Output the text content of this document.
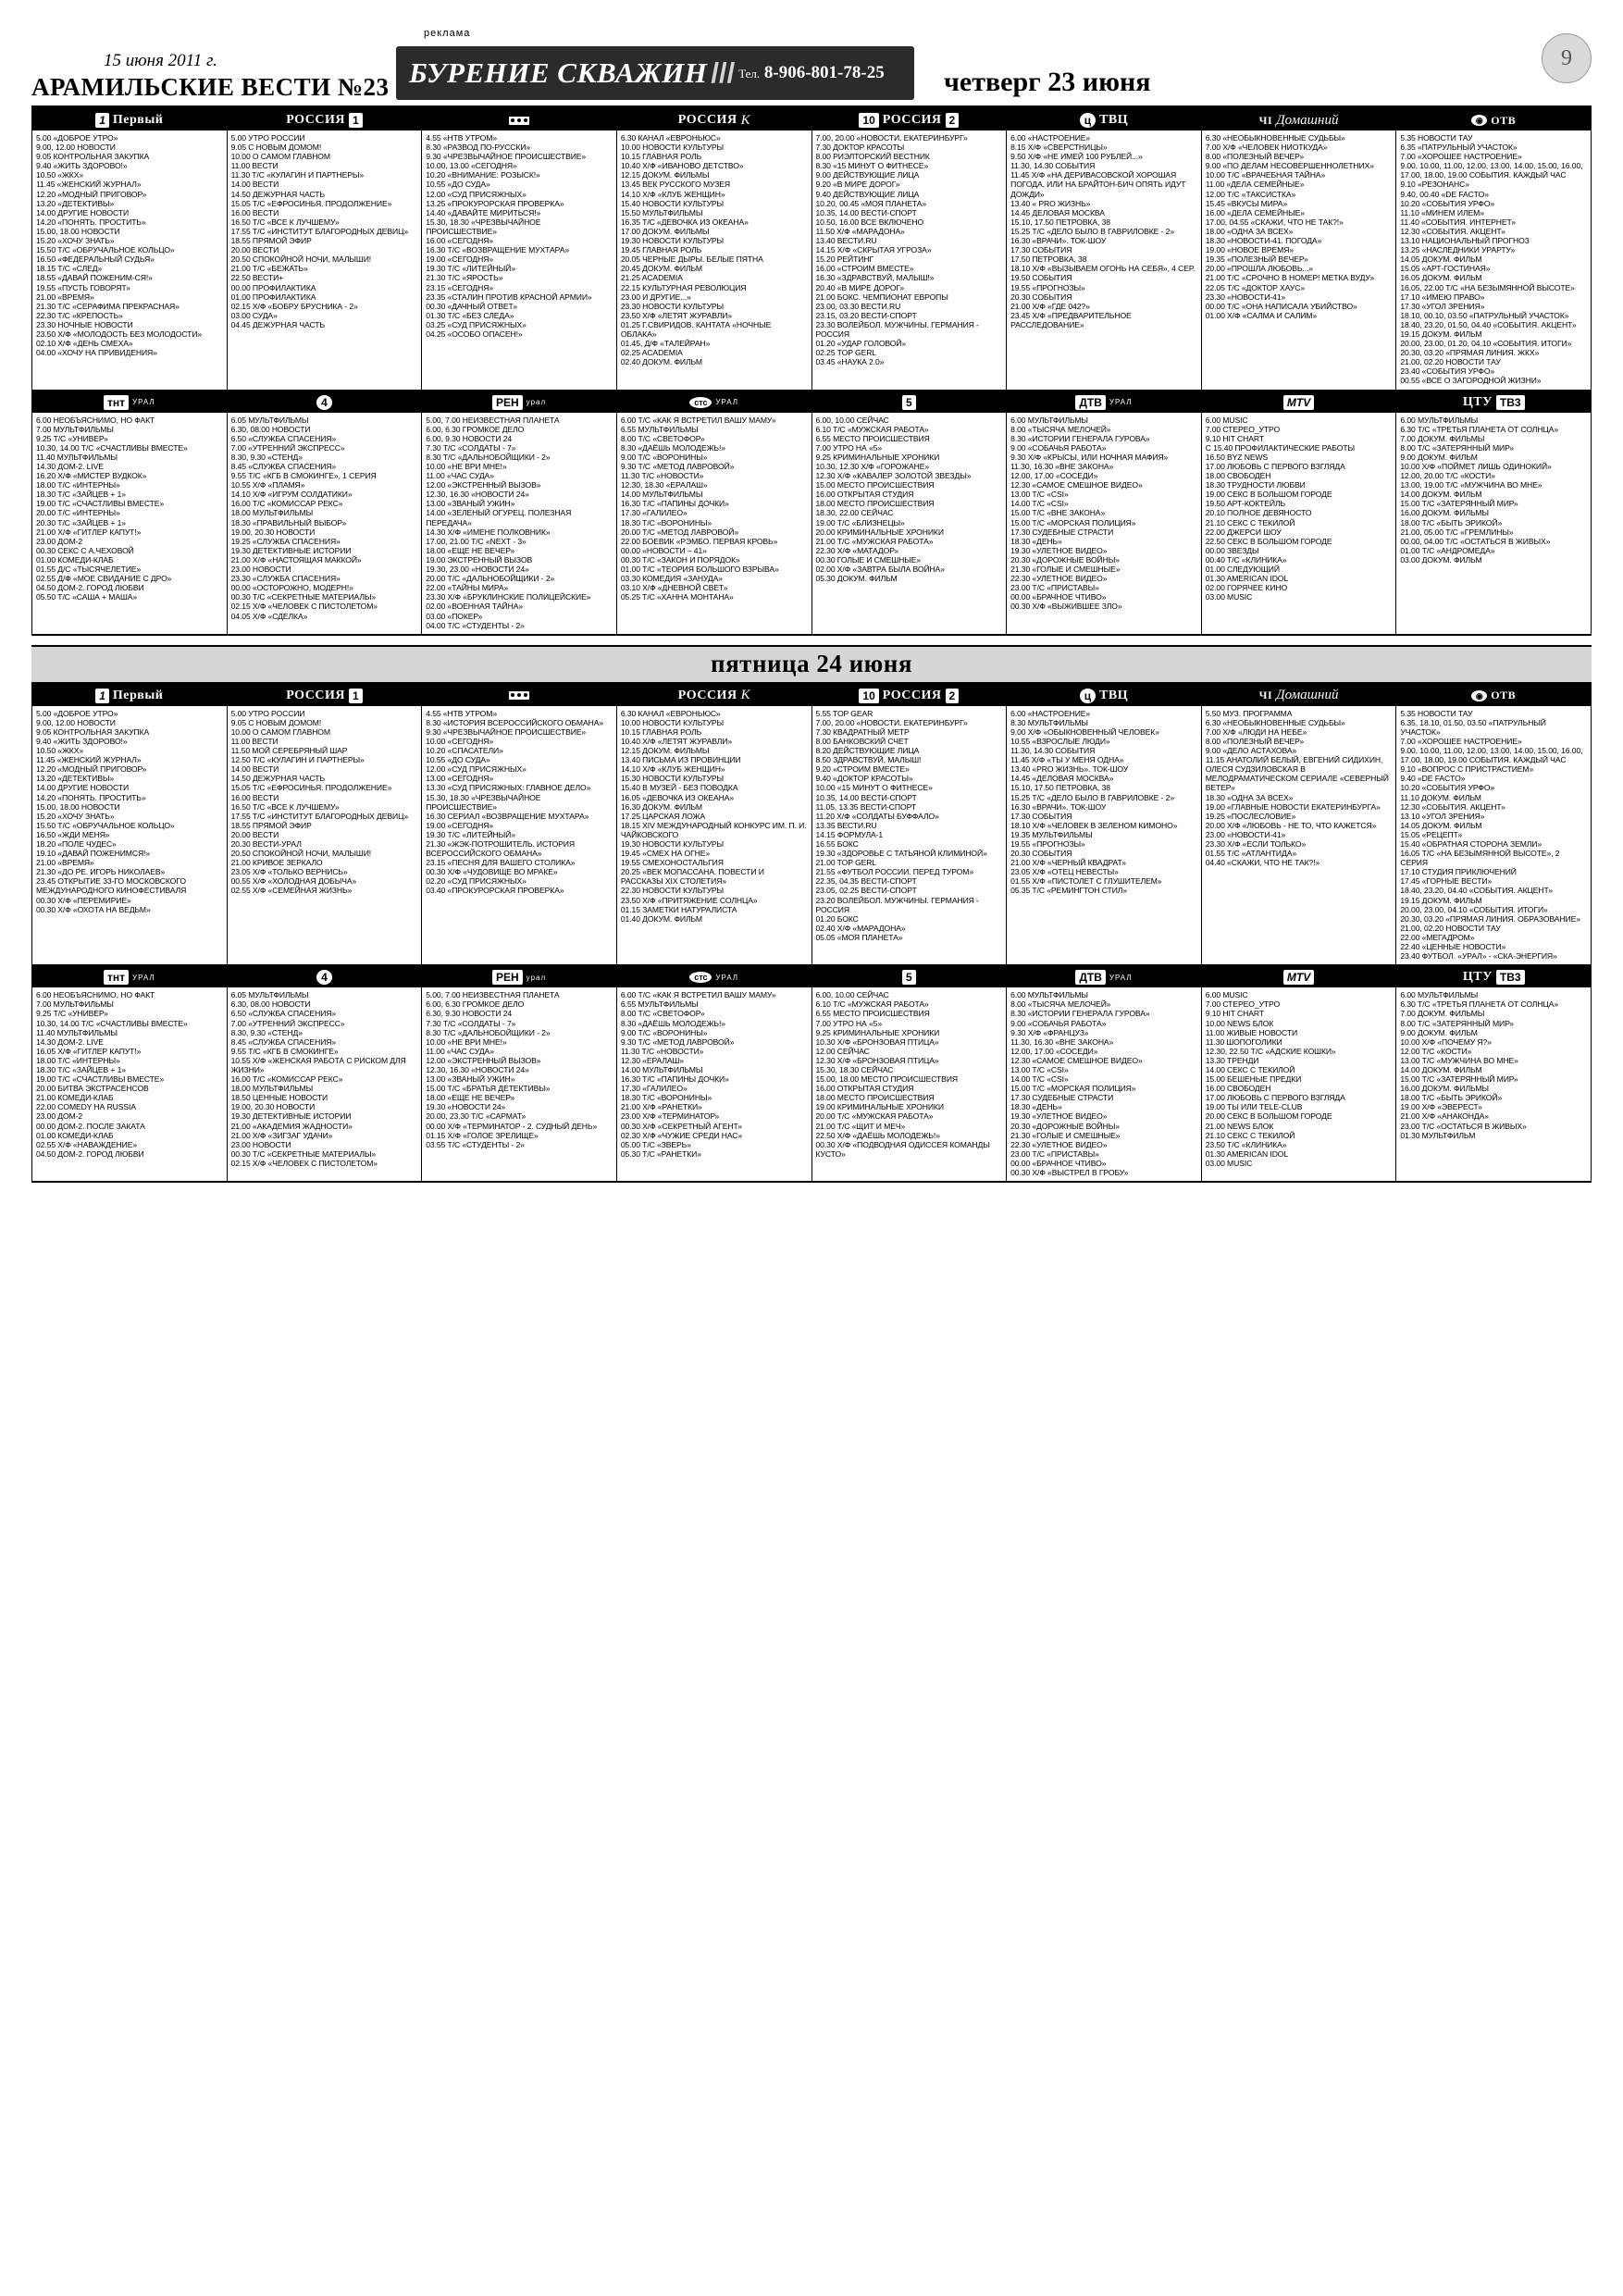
15 июня 2011 г.
АРАМИЛЬСКИЕ ВЕСТИ №23
реклама
БУРЕНИЕ СКВАЖИН /// Тел. 8-906-801-78-25 четверг 23 июня
9
1 Первый
5.00 «ДОБРОЕ УТРО»
9.00, 12.00 НОВОСТИ
9.05 КОНТРОЛЬНАЯ ЗАКУПКА
9.40 «ЖИТЬ ЗДОРОВО!»
10.50 «ЖКХ»
11.45 «ЖЕНСКИЙ ЖУРНАЛ»
12.20 «МОДНЫЙ ПРИГОВОР»
13.20 «ДЕТЕКТИВЫ»
14.00 ДРУГИЕ НОВОСТИ
14.20 «ПОНЯТЬ. ПРОСТИТЬ»
15.00, 18.00 НОВОСТИ
15.20 «ХОЧУ ЗНАТЬ»
15.50 Т/С «ОБРУЧАЛЬНОЕ КОЛЬЦО»
16.50 «ФЕДЕРАЛЬНЫЙ СУДЬЯ»
18.15 Т/С «СЛЕД»
18.55 «ДАВАЙ ПОЖЕНИМ-СЯ!»
19.55 «ПУСТЬ ГОВОРЯТ»
21.00 «ВРЕМЯ»
21.30 Т/С «СЕРАФИМА ПРЕКРАСНАЯ»
22.30 Т/С «КРЕПОСТЬ»
23.30 НОЧНЫЕ НОВОСТИ
23.50 Х/Ф «МОЛОДОСТЬ БЕЗ МОЛОДОСТИ»
02.10 Х/Ф «ДЕНЬ СМЕХА»
04.00 «ХОЧУ НА ПРИВИДЕНИЯ»
РОССИЯ 1
5.00 УТРО РОССИИ
9.05 С НОВЫМ ДОМОМ!
10.00 О САМОМ ГЛАВНОМ
11.00 ВЕСТИ
11.30 Т/С «КУЛАГИН И ПАРТНЕРЫ»
14.00 ВЕСТИ
14.50 ДЕЖУРНАЯ ЧАСТЬ
15.05 Т/С «ЕФРОСИНЬЯ. ПРОДОЛЖЕНИЕ»
16.00 ВЕСТИ
16.50 Т/С «ВСЕ К ЛУЧШЕМУ»
17.55 Т/С «ИНСТИТУТ БЛАГОРОДНЫХ ДЕВИЦ»
18.55 ПРЯМОЙ ЭФИР
20.00 ВЕСТИ
20.50 СПОКОЙНОЙ НОЧИ, МАЛЫШИ!
21.00 Т/С «БЕЖАТЬ»
22.50 ВЕСТИ+
00.00 ПРОФИЛАКТИКА
01.00 ПРОФИЛАКТИКА
02.15 Х/Ф «БОБРУ БРУСНИКА - 2»
03.00 СУДА»
04.45 ДЕЖУРНАЯ ЧАСТЬ
4.55 «НТВ УТРОМ»
8.30 «РАЗВОД ПО-РУССКИ»
9.30 «ЧРЕЗВЫЧАЙНОЕ ПРОИСШЕСТВИЕ»
10.00, 13.00 «СЕГОДНЯ»
10.20 «ВНИМАНИЕ: РОЗЫСК!»
10.55 «ДО СУДА»
12.00 «СУД ПРИСЯЖНЫХ»
13.25 «ПРОКУРОРСКАЯ ПРОВЕРКА»
14.40 «ДАВАЙТЕ МИРИТЬСЯ!»
15.30, 18.30 «ЧРЕЗВЫЧАЙНОЕ ПРОИСШЕСТВИЕ»
16.00 «СЕГОДНЯ»
16.30 Т/С «ВОЗВРАЩЕНИЕ МУХТАРА»
19.00 «СЕГОДНЯ»
19.30 Т/С «ЛИТЕЙНЫЙ»
21.30 Т/С «ЯРОСТЬ»
23.15 «СЕГОДНЯ»
23.35 «СТАЛИН ПРОТИВ КРАСНОЙ АРМИИ»
00.30 «ДАЧНЫЙ ОТВЕТ»
01.30 Т/С «БЕЗ СЛЕДА»
03.25 «СУД ПРИСЯЖНЫХ»
04.25 «ОСОБО ОПАСЕН!»
РОССИЯ K
6.30 КАНАЛ «ЕВРОНЬЮС»
10.00 НОВОСТИ КУЛЬТУРЫ
10.15 ГЛАВНАЯ РОЛЬ
10.40 Х/Ф «ИВАНОВО ДЕТСТВО»
12.15 ДОКУМ. ФИЛЬМЫ
13.45 ВЕК РУССКОГО МУЗЕЯ
14.10 Х/Ф «КЛУБ ЖЕНЩИН»
15.40 НОВОСТИ КУЛЬТУРЫ
15.50 МУЛЬТФИЛЬМЫ
16.35 Т/С «ДЕВОЧКА ИЗ ОКЕАНА»
17.00 ДОКУМ. ФИЛЬМЫ
19.30 НОВОСТИ КУЛЬТУРЫ
19.45 ГЛАВНАЯ РОЛЬ
20.05 ЧЕРНЫЕ ДЫРЫ. БЕЛЫЕ ПЯТНА
20.45 ДОКУМ. ФИЛЬМ
21.25 ACADEMIA
22.15 КУЛЬТУРНАЯ РЕВОЛЮЦИЯ
23.00 И ДРУГИЕ...»
23.30 НОВОСТИ КУЛЬТУРЫ
23.50 Х/Ф «ЛЕТЯТ ЖУРАВЛИ»
01.25 Г.СВИРИДОВ. КАНТАТА «НОЧНЫЕ ОБЛАКА»
01.45, Д/Ф «ТАЛЕЙРАН»
02.25 ACADEMIA
02.40 ДОКУМ. ФИЛЬМ
10 РОССИЯ 2
7.00, 20.00 «НОВОСТИ. ЕКАТЕРИНБУРГ»
7.30 ДОКТОР КРАСОТЫ
8.00 РИЭЛТОРСКИЙ ВЕСТНИК
8.30 «15 МИНУТ О ФИТНЕСЕ»
9.00 ДЕЙСТВУЮЩИЕ ЛИЦА
9.20 «В МИРЕ ДОРОГ»
9.40 ДЕЙСТВУЮЩИЕ ЛИЦА
10.20, 00.45 «МОЯ ПЛАНЕТА»
10.35, 14.00 ВЕСТИ-СПОРТ
10.50, 16.00 ВСЕ ВКЛЮЧЕНО
11.50 Х/Ф «МАРАДОНА»
13.40 ВЕСТИ.RU
14.15 Х/Ф «СКРЫТАЯ УГРОЗА»
15.20 РЕЙТИНГ
16.00 «СТРОИМ ВМЕСТЕ»
16.30 «ЗДРАВСТВУЙ, МАЛЫШ!»
20.40 «В МИРЕ ДОРОГ»
21.00 БОКС. ЧЕМПИОНАТ ЕВРОПЫ
23.00, 03.30 ВЕСТИ.RU
23.15, 03.20 ВЕСТИ-СПОРТ
23.30 ВОЛЕЙБОЛ. МУЖЧИНЫ. ГЕРМАНИЯ - РОССИЯ
01.20 «УДАР ГОЛОВОЙ»
02.25 TOP GERL
03.45 «НАУКА 2.0»
ц ТВЦ
6.00 «НАСТРОЕНИЕ»
8.15 Х/Ф «СВЕРСТНИЦЫ»
9.50 Х/Ф «НЕ ИМЕЙ 100 РУБЛЕЙ...»
11.30, 14.30 СОБЫТИЯ
11.45 Х/Ф «НА ДЕРИВАСОВСКОЙ ХОРОШАЯ ПОГОДА, ИЛИ НА БРАЙТОН-БИЧ ОПЯТЬ ИДУТ ДОЖДИ»
13.40 « PRO ЖИЗНЬ»
14.45 ДЕЛОВАЯ МОСКВА
15.10, 17.50 ПЕТРОВКА, 38
15.25 Т/С «ДЕЛО БЫЛО В ГАВРИЛОВКЕ - 2»
16.30 «ВРАЧИ». ТОК-ШОУ
17.30 СОБЫТИЯ
17.50 ПЕТРОВКА, 38
18.10 Х/Ф «ВЫЗЫВАЕМ ОГОНЬ НА СЕБЯ», 4 СЕР.
19.50 СОБЫТИЯ
19.55 «ПРОГНОЗЫ»
20.30 СОБЫТИЯ
21.00 Х/Ф «ГДЕ 042?»
23.45 Х/Ф «ПРЕДВАРИТЕЛЬНОЕ РАССЛЕДОВАНИЕ»
ЧІ Домашний
6.30 «НЕОБЫКНОВЕННЫЕ СУДЬБЫ»
7.00 Х/Ф «ЧЕЛОВЕК НИОТКУДА»
8.00 «ПОЛЕЗНЫЙ ВЕЧЕР»
9.00 «ПО ДЕЛАМ НЕСОВЕРШЕННОЛЕТНИХ»
10.00 Т/С «ВРАЧЕБНАЯ ТАЙНА»
11.00 «ДЕЛА СЕМЕЙНЫЕ»
12.00 Т/С «ТАКСИСТКА»
15.45 «ВКУСЫ МИРА»
16.00 «ДЕЛА СЕМЕЙНЫЕ»
17.00, 04.55 «СКАЖИ, ЧТО НЕ ТАК?!»
18.00 «ОДНА ЗА ВСЕХ»
18.30 «НОВОСТИ-41. ПОГОДА»
19.00 «НОВОЕ ВРЕМЯ»
19.35 «ПОЛЕЗНЫЙ ВЕЧЕР»
20.00 «ПРОШЛА ЛЮБОВЬ...»
21.00 Т/С «СРОЧНО В НОМЕР! МЕТКА ВУДУ»
22.05 Т/С «ДОКТОР ХАУС»
23.30 «НОВОСТИ-41»
00.00 Т/С «ОНА НАПИСАЛА УБИЙСТВО»
01.00 Х/Ф «САЛМА И САЛИМ»
◉ ОТВ
5.35 НОВОСТИ ТАУ
6.35 «ПАТРУЛЬНЫЙ УЧАСТОК»
7.00 «ХОРОШЕЕ НАСТРОЕНИЕ»
9.00, 10.00, 11.00, 12.00, 13.00, 14.00, 15.00, 16.00, 17.00, 18.00, 19.00 СОБЫТИЯ. КАЖДЫЙ ЧАС
9.10 «РЕЗОНАНС»
9.40, 00.40 «DE FACTO»
10.20 «СОБЫТИЯ УРФО»
11.10 «МИНЕМ ИЛЕМ»
11.40 «СОБЫТИЯ. ИНТЕРНЕТ»
12.30 «СОБЫТИЯ. АКЦЕНТ»
13.10 НАЦИОНАЛЬНЫЙ ПРОГНОЗ
13.25 «НАСЛЕДНИКИ УРАРТУ»
14.05 ДОКУМ. ФИЛЬМ
15.05 «АРТ-ГОСТИНАЯ»
16.05 ДОКУМ. ФИЛЬМ
16.05, 22.00 Т/С «НА БЕЗЫМЯННОЙ ВЫСОТЕ»
17.10 «ИМЕЮ ПРАВО»
17.30 «УГОЛ ЗРЕНИЯ»
18.10, 00.10, 03.50 «ПАТРУЛЬНЫЙ УЧАСТОК»
18.40, 23.20, 01.50, 04.40 «СОБЫТИЯ. АКЦЕНТ»
19.15 ДОКУМ. ФИЛЬМ
20.00, 23.00, 01.20, 04.10 «СОБЫТИЯ. ИТОГИ»
20.30, 03.20 «ПРЯМАЯ ЛИНИЯ. ЖКХ»
21.00, 02.20 НОВОСТИ ТАУ
23.40 «СОБЫТИЯ УРФО»
00.55 «ВСЕ О ЗАГОРОДНОЙ ЖИЗНИ»
тнт	УРАЛ
6.00 НЕОБЪЯСНИМО, НО ФАКТ
7.00 МУЛЬТФИЛЬМЫ
9.25 Т/С «УНИВЕР»
10.30, 14.00 Т/С «СЧАСТЛИВЫ ВМЕСТЕ»
11.40 МУЛЬТФИЛЬМЫ
14.30 ДОМ-2. LIVE
16.20 Х/Ф «МИСТЕР ВУДКОК»
18.00 Т/С «ИНТЕРНЫ»
18.30 Т/С «ЗАЙЦЕВ + 1»
19.00 Т/С «СЧАСТЛИВЫ ВМЕСТЕ»
20.00 Т/С «ИНТЕРНЫ»
20.30 Т/С «ЗАЙЦЕВ + 1»
21.00 Х/Ф «ГИТЛЕР КАПУТ!»
23.00 ДОМ-2
00.30 СЕКС С А.ЧЕХОВОЙ
01.00 КОМЕДИ-КЛАБ
01.55 Д/С «ТЫСЯЧЕЛЕТИЕ»
02.55 Д/Ф «МОЕ СВИДАНИЕ С ДРО»
04.50 ДОМ-2. ГОРОД ЛЮБВИ
05.50 Т/С «САША + МАША»
4
6.05 МУЛЬТФИЛЬМЫ
6.30, 08.00 НОВОСТИ
6.50 «СЛУЖБА СПАСЕНИЯ»
7.00 «УТРЕННИЙ ЭКСПРЕСС»
8.30, 9.30 «СТЕНД»
8.45 «СЛУЖБА СПАСЕНИЯ»
9.55 Т/С «КГБ В СМОКИНГЕ», 1 СЕРИЯ
10.55 Х/Ф «ПЛАМЯ»
14.10 Х/Ф «ИГРУМ СОЛДАТИКИ»
16.00 Т/С «КОМИССАР РЕКС»
18.00 МУЛЬТФИЛЬМЫ
18.30 «ПРАВИЛЬНЫЙ ВЫБОР»
19.00, 20.30 НОВОСТИ
19.25 «СЛУЖБА СПАСЕНИЯ»
19.30 ДЕТЕКТИВНЫЕ ИСТОРИИ
21.00 Х/Ф «НАСТОЯЩАЯ МАККОЙ»
23.00 НОВОСТИ
23.30 «СЛУЖБА СПАСЕНИЯ»
00.00 «ОСТОРОЖНО, МОДЕРН!»
00.30 Т/С «СЕКРЕТНЫЕ МАТЕРИАЛЫ»
02.15 Х/Ф «ЧЕЛОВЕК С ПИСТОЛЕТОМ»
04.05 Х/Ф «СДЕЛКА»
РЕН	урал
5.00, 7.00 НЕИЗВЕСТНАЯ ПЛАНЕТА
6.00, 6.30 ГРОМКОЕ ДЕЛО
6.00, 9.30 НОВОСТИ 24
7.30 Т/С «СОЛДАТЫ - 7»
8.30 Т/С «ДАЛЬНОБОЙЩИКИ - 2»
10.00 «НЕ ВРИ МНЕ!»
11.00 «ЧАС СУДА»
12.00 «ЭКСТРЕННЫЙ ВЫЗОВ»
12.30, 16.30 «НОВОСТИ 24»
13.00 «ЗВАНЫЙ УЖИН»
14.00 «ЗЕЛЕНЫЙ ОГУРЕЦ. ПОЛЕЗНАЯ ПЕРЕДАЧА»
14.30 Х/Ф «ИМЕНЕ ПОЛКОВНИК»
17.00, 21.00 Т/С «NEXT - 3»
18.00 «ЕЩЕ НЕ ВЕЧЕР»
19.00 ЭКСТРЕННЫЙ ВЫЗОВ
19.30, 23.00 «НОВОСТИ 24»
20.00 Т/С «ДАЛЬНОБОЙЩИКИ - 2»
22.00 «ТАЙНЫ МИРА»
23.30 Х/Ф «БРУКЛИНСКИЕ ПОЛИЦЕЙСКИЕ»
02.00 «ВОЕННАЯ ТАЙНА»
03.00 «ПОКЕР»
04.00 Т/С «СТУДЕНТЫ - 2»
стс	УРАЛ
6.00 Т/С «КАК Я ВСТРЕТИЛ ВАШУ МАМУ»
6.55 МУЛЬТФИЛЬМЫ
8.00 Т/С «СВЕТОФОР»
8.30 «ДАЁШЬ МОЛОДЕЖЬ!»
9.00 Т/С «ВОРОНИНЫ»
9.30 Т/С «МЕТОД ЛАВРОВОЙ»
11.30 Т/С «НОВОСТИ»
12.30, 18.30 «ЕРАЛАШ»
14.00 МУЛЬТФИЛЬМЫ
16.30 Т/С «ПАПИНЫ ДОЧКИ»
17.30 «ГАЛИЛЕО»
18.30 Т/С «ВОРОНИНЫ»
20.00 Т/С «МЕТОД ЛАВРОВОЙ»
22.00 БОЕВИК «РЭМБО. ПЕРВАЯ КРОВЬ»
00.00 «НОВОСТИ – 41»
00.30 Т/С «ЗАКОН И ПОРЯДОК»
01.00 Т/С «ТЕОРИЯ БОЛЬШОГО ВЗРЫВА»
03.30 КОМЕДИЯ «ЗАНУДА»
03.10 Х/Ф «ДНЕВНОЙ СВЕТ»
05.25 Т/С «ХАННА МОНТАНА»
5
6.00, 10.00 СЕЙЧАС
6.10 Т/С «МУЖСКАЯ РАБОТА»
6.55 МЕСТО ПРОИСШЕСТВИЯ
7.00 УТРО НА «5»
9.25 КРИМИНАЛЬНЫЕ ХРОНИКИ
10.30, 12.30 Х/Ф «ГОРОЖАНЕ»
12.30 Х/Ф «КАВАЛЕР ЗОЛОТОЙ ЗВЕЗДЫ»
15.00 МЕСТО ПРОИСШЕСТВИЯ
16.00 ОТКРЫТАЯ СТУДИЯ
18.00 МЕСТО ПРОИСШЕСТВИЯ
18.30, 22.00 СЕЙЧАС
19.00 Т/С «БЛИЗНЕЦЫ»
20.00 КРИМИНАЛЬНЫЕ ХРОНИКИ
21.00 Т/С «МУЖСКАЯ РАБОТА»
22.30 Х/Ф «МАТАДОР»
00.30 ГОЛЫЕ И СМЕШНЫЕ»
02.00 Х/Ф «ЗАВТРА БЫЛА ВОЙНА»
05.30 ДОКУМ. ФИЛЬМ
ДТВ	УРАЛ
6.00 МУЛЬТФИЛЬМЫ
8.00 «ТЫСЯЧА МЕЛОЧЕЙ»
8.30 «ИСТОРИИ ГЕНЕРАЛА ГУРОВА»
9.00 «СОБАЧЬЯ РАБОТА»
9.30 Х/Ф «КРЫСЫ, ИЛИ НОЧНАЯ МАФИЯ»
11.30, 16.30 «ВНЕ ЗАКОНА»
12.00, 17.00 «СОСЕДИ»
12.30 «САМОЕ СМЕШНОЕ ВИДЕО»
13.00 Т/С «CSI»
14.00 Т/С «CSI»
15.00 Т/С «ВНЕ ЗАКОНА»
15.00 Т/С «МОРСКАЯ ПОЛИЦИЯ»
17.30 СУДЕБНЫЕ СТРАСТИ
18.30 «ДЕНЬ»
19.30 «УЛЕТНОЕ ВИДЕО»
20.30 «ДОРОЖНЫЕ ВОЙНЫ»
21.30 «ГОЛЫЕ И СМЕШНЫЕ»
22.30 «УЛЕТНОЕ ВИДЕО»
23.00 Т/С «ПРИСТАВЫ»
00.00 «БРАЧНОЕ ЧТИВО»
00.30 Х/Ф «ВЫЖИВШЕЕ ЗЛО»
MTV
6.00 MUSIC
7.00 СТЕРЕО_УТРО
9.10 HIT CHART
С 15.40 ПРОФИЛАКТИЧЕСКИЕ РАБОТЫ
16.50 BYZ NEWS
17.00 ЛЮБОВЬ С ПЕРВОГО ВЗГЛЯДА
18.00 СВОБОДЕН
18.30 ТРУДНОСТИ ЛЮБВИ
19.00 СЕКС В БОЛЬШОМ ГОРОДЕ
19.50 АРТ-КОКТЕЙЛЬ
20.10 ПОЛНОЕ ДЕВЯНОСТО
21.10 СЕКС С ТЕКИЛОЙ
22.00 ДЖЕРСИ ШОУ
22.50 СЕКС В БОЛЬШОМ ГОРОДЕ
00.00 ЗВЕЗДЫ
00.40 Т/С «КЛИНИКА»
01.00 СЛЕДУЮЩИЙ
01.30 AMERICAN IDOL
02.00 ГОРЯЧЕЕ КИНО
03.00 MUSIC
ЦТУ ТВ3
6.00 МУЛЬТФИЛЬМЫ
6.30 Т/С «ТРЕТЬЯ ПЛАНЕТА ОТ СОЛНЦА»
7.00 ДОКУМ. ФИЛЬМЫ
8.00 Т/С «ЗАТЕРЯННЫЙ МИР»
9.00 ДОКУМ. ФИЛЬМ
10.00 Х/Ф «ПОЙМЕТ ЛИШЬ ОДИНОКИЙ»
12.00, 20.00 Т/С «КОСТИ»
13.00, 19.00 Т/С «МУЖЧИНА ВО МНЕ»
14.00 ДОКУМ. ФИЛЬМ
15.00 Т/С «ЗАТЕРЯННЫЙ МИР»
16.00 ДОКУМ. ФИЛЬМЫ
18.00 Т/С «БЫТЬ ЭРИКОЙ»
21.00, 05.00 Т/С «ГРЕМЛИНЫ»
00.00, 04.00 Т/С «ОСТАТЬСЯ В ЖИВЫХ»
01.00 Т/С «АНДРОМЕДА»
03.00 ДОКУМ. ФИЛЬМ
пятница 24 июня
1 Первый
5.00 «ДОБРОЕ УТРО»
9.00, 12.00 НОВОСТИ
9.05 КОНТРОЛЬНАЯ ЗАКУПКА
9.40 «ЖИТЬ ЗДОРОВО!»
10.50 «ЖКХ»
11.45 «ЖЕНСКИЙ ЖУРНАЛ»
12.20 «МОДНЫЙ ПРИГОВОР»
13.20 «ДЕТЕКТИВЫ»
14.00 ДРУГИЕ НОВОСТИ
14.20 «ПОНЯТЬ. ПРОСТИТЬ»
15.00, 18.00 НОВОСТИ
15.20 «ХОЧУ ЗНАТЬ»
15.50 Т/С «ОБРУЧАЛЬНОЕ КОЛЬЦО»
16.50 «ЖДИ МЕНЯ»
18.20 «ПОЛЕ ЧУДЕС»
19.10 «ДАВАЙ ПОЖЕНИМСЯ!»
21.00 «ВРЕМЯ»
21.30 «ДО РЕ. ИГОРЬ НИКОЛАЕВ»
23.45 ОТКРЫТИЕ 33-ГО МОСКОВСКОГО МЕЖДУНАРОДНОГО КИНОФЕСТИВАЛЯ
00.30 Х/Ф «ПЕРЕМИРИЕ»
00.30 Х/Ф «ОХОТА НА ВЕДЬМ»
РОССИЯ 1
5.00 УТРО РОССИИ
9.05 С НОВЫМ ДОМОМ!
10.00 О САМОМ ГЛАВНОМ
11.00 ВЕСТИ
11.50 МОЙ СЕРЕБРЯНЫЙ ШАР
12.50 Т/С «КУЛАГИН И ПАРТНЕРЫ»
14.00 ВЕСТИ
14.50 ДЕЖУРНАЯ ЧАСТЬ
15.05 Т/С «ЕФРОСИНЬЯ. ПРОДОЛЖЕНИЕ»
16.00 ВЕСТИ
16.50 Т/С «ВСЕ К ЛУЧШЕМУ»
17.55 Т/С «ИНСТИТУТ БЛАГОРОДНЫХ ДЕВИЦ»
18.55 ПРЯМОЙ ЭФИР
20.00 ВЕСТИ
20.30 ВЕСТИ-УРАЛ
20.50 СПОКОЙНОЙ НОЧИ, МАЛЫШИ!
21.00 КРИВОЕ ЗЕРКАЛО
23.05 Х/Ф «ТОЛЬКО ВЕРНИСЬ»
00.55 Х/Ф «ХОЛОДНАЯ ДОБЫЧА»
02.55 Х/Ф «СЕМЕЙНАЯ ЖИЗНЬ»
4.55 «НТВ УТРОМ»
8.30 «ИСТОРИЯ ВСЕРОССИЙСКОГО ОБМАНА»
9.30 «ЧРЕЗВЫЧАЙНОЕ ПРОИСШЕСТВИЕ»
10.00 «СЕГОДНЯ»
10.20 «СПАСАТЕЛИ»
10.55 «ДО СУДА»
12.00 «СУД ПРИСЯЖНЫХ»
13.00 «СЕГОДНЯ»
13.30 «СУД ПРИСЯЖНЫХ: ГЛАВНОЕ ДЕЛО»
15.30, 18.30 «ЧРЕЗВЫЧАЙНОЕ ПРОИСШЕСТВИЕ»
16.30 СЕРИАЛ «ВОЗВРАЩЕНИЕ МУХТАРА»
19.00 «СЕГОДНЯ»
19.30 Т/С «ЛИТЕЙНЫЙ»
21.30 «ЖЭК-ПОТРОШИТЕЛЬ. ИСТОРИЯ ВСЕРОССИЙСКОГО ОБМАНА»
23.15 «ПЕСНЯ ДЛЯ ВАШЕГО СТОЛИКА»
00.30 Х/Ф «ЧУДОВИЩЕ ВО МРАКЕ»
02.20 «СУД ПРИСЯЖНЫХ»
03.40 «ПРОКУРОРСКАЯ ПРОВЕРКА»
РОССИЯ K
6.30 КАНАЛ «ЕВРОНЬЮС»
10.00 НОВОСТИ КУЛЬТУРЫ
10.15 ГЛАВНАЯ РОЛЬ
10.40 Х/Ф «ЛЕТЯТ ЖУРАВЛИ»
12.15 ДОКУМ. ФИЛЬМЫ
13.40 ПИСЬМА ИЗ ПРОВИНЦИИ
14.10 Х/Ф «КЛУБ ЖЕНЩИН»
15.30 НОВОСТИ КУЛЬТУРЫ
15.40 В МУЗЕЙ - БЕЗ ПОВОДКА
16.05 «ДЕВОЧКА ИЗ ОКЕАНА»
16.30 ДОКУМ. ФИЛЬМ
17.25 ЦАРСКАЯ ЛОЖА
18.15 XIV МЕЖДУНАРОДНЫЙ КОНКУРС ИМ. П. И. ЧАЙКОВСКОГО
19.30 НОВОСТИ КУЛЬТУРЫ
19.45 «СМЕХ НА ОГНЕ»
19.55 СМЕХОНОСТАЛЬГИЯ
20.25 «ВЕК МОПАССАНА. ПОВЕСТИ И РАССКАЗЫ ХIХ СТОЛЕТИЯ»
22.30 НОВОСТИ КУЛЬТУРЫ
23.50 Х/Ф «ПРИТЯЖЕНИЕ СОЛНЦА»
01.15 ЗАМЕТКИ НАТУРАЛИСТА
01.40 ДОКУМ. ФИЛЬМ
10 РОССИЯ 2
5.55 TOP GEAR
7.00, 20.00 «НОВОСТИ. ЕКАТЕРИНБУРГ»
7.30 КВАДРАТНЫЙ МЕТР
8.00 БАНКОВСКИЙ СЧЕТ
8.20 ДЕЙСТВУЮЩИЕ ЛИЦА
8.50 ЗДРАВСТВУЙ, МАЛЫШ!
9.20 «СТРОИМ ВМЕСТЕ»
9.40 «ДОКТОР КРАСОТЫ»
10.00 «15 МИНУТ О ФИТНЕСЕ»
10.35, 14.00 ВЕСТИ-СПОРТ
11.05, 13.35 ВЕСТИ-СПОРТ
11.20 Х/Ф «СОЛДАТЫ БУФФАЛО»
13.35 ВЕСТИ.RU
14.15 ФОРМУЛА-1
16.55 БОКС
19.30 «ЗДОРОВЬЕ С ТАТЬЯНОЙ КЛИМИНОЙ»
21.00 TOP GERL
21.55 «ФУТБОЛ РОССИИ. ПЕРЕД ТУРОМ»
22.35, 04.35 ВЕСТИ-СПОРТ
23.05, 02.25 ВЕСТИ-СПОРТ
23.20 ВОЛЕЙБОЛ. МУЖЧИНЫ. ГЕРМАНИЯ - РОССИЯ
01.20 БОКС
02.40 Х/Ф «МАРАДОНА»
05.05 «МОЯ ПЛАНЕТА»
ц ТВЦ
6.00 «НАСТРОЕНИЕ»
8.30 МУЛЬТФИЛЬМЫ
9.00 Х/Ф «ОБЫКНОВЕННЫЙ ЧЕЛОВЕК»
10.55 «ВЗРОСЛЫЕ ЛЮДИ»
11.30, 14.30 СОБЫТИЯ
11.45 Х/Ф «ТЫ У МЕНЯ ОДНА»
13.40 «PRO ЖИЗНЬ». ТОК-ШОУ
14.45 «ДЕЛОВАЯ МОСКВА»
15.10, 17.50 ПЕТРОВКА, 38
15.25 Т/С «ДЕЛО БЫЛО В ГАВРИЛОВКЕ - 2»
16.30 «ВРАЧИ». ТОК-ШОУ
17.30 СОБЫТИЯ
18.10 Х/Ф «ЧЕЛОВЕК В ЗЕЛЕНОМ КИМОНО»
19.35 МУЛЬТФИЛЬМЫ
19.55 «ПРОГНОЗЫ»
20.30 СОБЫТИЯ
21.00 Х/Ф «ЧЕРНЫЙ КВАДРАТ»
23.05 Х/Ф «ОТЕЦ НЕВЕСТЫ»
01.55 Х/Ф «ПИСТОЛЕТ С ГЛУШИТЕЛЕМ»
05.35 Т/С «РЕМИНГТОН СТИЛ»
ЧІ Домашний
5.50 МУЗ. ПРОГРАММА
6.30 «НЕОБЫКНОВЕННЫЕ СУДЬБЫ»
7.00 Х/Ф «ЛЮДИ НА НЕБЕ»
8.00 «ПОЛЕЗНЫЙ ВЕЧЕР»
9.00 «ДЕЛО АСТАХОВА»
11.15 АНАТОЛИЙ БЕЛЫЙ, ЕВГЕНИЙ СИДИХИН, ОЛЕСЯ СУДЗИЛОВСКАЯ В МЕЛОДРАМАТИЧЕСКОМ СЕРИАЛЕ «СЕВЕРНЫЙ ВЕТЕР»
18.30 «ОДНА ЗА ВСЕХ»
19.00 «ГЛАВНЫЕ НОВОСТИ ЕКАТЕРИНБУРГА»
19.25 «ПОСЛЕСЛОВИЕ»
20.00 Х/Ф «ЛЮБОВЬ - НЕ ТО, ЧТО КАЖЕТСЯ»
23.00 «НОВОСТИ-41»
23.30 Х/Ф «ЕСЛИ ТОЛЬКО»
01.55 Т/С «АТЛАНТИДА»
04.40 «СКАЖИ, ЧТО НЕ ТАК?!»
◉ ОТВ
5.35 НОВОСТИ ТАУ
6.35, 18.10, 01.50, 03.50 «ПАТРУЛЬНЫЙ УЧАСТОК»
7.00 «ХОРОШЕЕ НАСТРОЕНИЕ»
9.00, 10.00, 11.00, 12.00, 13.00, 14.00, 15.00, 16.00, 17.00, 18.00, 19.00 СОБЫТИЯ. КАЖДЫЙ ЧАС
9.10 «ВОПРОС С ПРИСТРАСТИЕМ»
9.40 «DE FACTO»
10.20 «СОБЫТИЯ УРФО»
11.10 ДОКУМ. ФИЛЬМ
12.30 «СОБЫТИЯ. АКЦЕНТ»
13.10 «УГОЛ ЗРЕНИЯ»
14.05 ДОКУМ. ФИЛЬМ
15.05 «РЕЦЕПТ»
15.40 «ОБРАТНАЯ СТОРОНА ЗЕМЛИ»
16.05 Т/С «НА БЕЗЫМЯННОЙ ВЫСОТЕ», 2 СЕРИЯ
17.10 СТУДИЯ ПРИКЛЮЧЕНИЙ
17.45 «ГОРНЫЕ ВЕСТИ»
18.40, 23.20, 04.40 «СОБЫТИЯ. АКЦЕНТ»
19.15 ДОКУМ. ФИЛЬМ
20.00, 23.00, 04.10 «СОБЫТИЯ. ИТОГИ»
20.30, 03.20 «ПРЯМАЯ ЛИНИЯ. ОБРАЗОВАНИЕ»
21.00, 02.20 НОВОСТИ ТАУ
22.00 «МЕГАДРОМ»
22.40 «ЦЕННЫЕ НОВОСТИ»
23.40 ФУТБОЛ. «УРАЛ» - «СКА-ЭНЕРГИЯ»
тнт	УРАЛ
6.00 НЕОБЪЯСНИМО, НО ФАКТ
7.00 МУЛЬТФИЛЬМЫ
9.25 Т/С «УНИВЕР»
10.30, 14.00 Т/С «СЧАСТЛИВЫ ВМЕСТЕ»
11.40 МУЛЬТФИЛЬМЫ
14.30 ДОМ-2. LIVE
16.05 Х/Ф «ГИТЛЕР КАПУТ!»
18.00 Т/С «ИНТЕРНЫ»
18.30 Т/С «ЗАЙЦЕВ + 1»
19.00 Т/С «СЧАСТЛИВЫ ВМЕСТЕ»
20.00 БИТВА ЭКСТРАСЕНСОВ
21.00 КОМЕДИ-КЛАБ
22.00 COMEDY НА RUSSIA
23.00 ДОМ-2
00.00 ДОМ-2. ПОСЛЕ ЗАКАТА
01.00 КОМЕДИ-КЛАБ
02.55 Х/Ф «НАВАЖДЕНИЕ»
04.50 ДОМ-2. ГОРОД ЛЮБВИ
4
6.05 МУЛЬТФИЛЬМЫ
6.30, 08.00 НОВОСТИ
6.50 «СЛУЖБА СПАСЕНИЯ»
7.00 «УТРЕННИЙ ЭКСПРЕСС»
8.30, 9.30 «СТЕНД»
8.45 «СЛУЖБА СПАСЕНИЯ»
9.55 Т/С «КГБ В СМОКИНГЕ»
10.55 Х/Ф «ЖЕНСКАЯ РАБОТА С РИСКОМ ДЛЯ ЖИЗНИ»
16.00 Т/С «КОМИССАР РЕКС»
18.00 МУЛЬТФИЛЬМЫ
18.50 ЦЕННЫЕ НОВОСТИ
19.00, 20.30 НОВОСТИ
19.30 ДЕТЕКТИВНЫЕ ИСТОРИИ
21.00 «АКАДЕМИЯ ЖАДНОСТИ»
21.00 Х/Ф «ЗИГЗАГ УДАЧИ»
23.00 НОВОСТИ
00.30 Т/С «СЕКРЕТНЫЕ МАТЕРИАЛЫ»
02.15 Х/Ф «ЧЕЛОВЕК С ПИСТОЛЕТОМ»
РЕН	урал
5.00, 7.00 НЕИЗВЕСТНАЯ ПЛАНЕТА
6.00, 6.30 ГРОМКОЕ ДЕЛО
6.30, 9.30 НОВОСТИ 24
7.30 Т/С «СОЛДАТЫ - 7»
8.30 Т/С «ДАЛЬНОБОЙЩИКИ - 2»
10.00 «НЕ ВРИ МНЕ!»
11.00 «ЧАС СУДА»
12.00 «ЭКСТРЕННЫЙ ВЫЗОВ»
12.30, 16.30 «НОВОСТИ 24»
13.00 «ЗВАНЫЙ УЖИН»
15.00 Т/С «БРАТЬЯ ДЕТЕКТИВЫ»
18.00 «ЕЩЕ НЕ ВЕЧЕР»
19.30 «НОВОСТИ 24»
20.00, 23.30 Т/С «САРМАТ»
00.00 Х/Ф «ТЕРМИНАТОР - 2. СУДНЫЙ ДЕНЬ»
01.15 Х/Ф «ГОЛОЕ ЗРЕЛИЩЕ»
03.55 Т/С «СТУДЕНТЫ - 2»
стс	УРАЛ
6.00 Т/С «КАК Я ВСТРЕТИЛ ВАШУ МАМУ»
6.55 МУЛЬТФИЛЬМЫ
8.00 Т/С «СВЕТОФОР»
8.30 «ДАЁШЬ МОЛОДЕЖЬ!»
9.00 Т/С «ВОРОНИНЫ»
9.30 Т/С «МЕТОД ЛАВРОВОЙ»
11.30 Т/С «НОВОСТИ»
12.30 «ЕРАЛАШ»
14.00 МУЛЬТФИЛЬМЫ
16.30 Т/С «ПАПИНЫ ДОЧКИ»
17.30 «ГАЛИЛЕО»
18.30 Т/С «ВОРОНИНЫ»
21.00 Х/Ф «РАНЕТКИ»
23.00 Х/Ф «ТЕРМИНАТОР»
00.30 Х/Ф «СЕКРЕТНЫЙ АГЕНТ»
02.30 Х/Ф «ЧУЖИЕ СРЕДИ НАС»
05.00 Т/С «ЗВЕРЬ»
05.30 Т/С «РАНЕТКИ»
5
6.00, 10.00 СЕЙЧАС
6.10 Т/С «МУЖСКАЯ РАБОТА»
6.55 МЕСТО ПРОИСШЕСТВИЯ
7.00 УТРО НА «5»
9.25 КРИМИНАЛЬНЫЕ ХРОНИКИ
10.30 Х/Ф «БРОНЗОВАЯ ПТИЦА»
12.00 СЕЙЧАС
12.30 Х/Ф «БРОНЗОВАЯ ПТИЦА»
15.30, 18.30 СЕЙЧАС
15.00, 18.00 МЕСТО ПРОИСШЕСТВИЯ
16.00 ОТКРЫТАЯ СТУДИЯ
18.00 МЕСТО ПРОИСШЕСТВИЯ
19.00 КРИМИНАЛЬНЫЕ ХРОНИКИ
20.00 Т/С «МУЖСКАЯ РАБОТА»
21.00 Т/С «ЩИТ И МЕЧ»
22.50 Х/Ф «ДАЁШЬ МОЛОДЕЖЬ!»
00.30 Х/Ф «ПОДВОДНАЯ ОДИССЕЯ КОМАНДЫ КУСТО»
ДТВ	УРАЛ
6.00 МУЛЬТФИЛЬМЫ
8.00 «ТЫСЯЧА МЕЛОЧЕЙ»
8.30 «ИСТОРИИ ГЕНЕРАЛА ГУРОВА»
9.00 «СОБАЧЬЯ РАБОТА»
9.30 Х/Ф «ФРАНЦУЗ»
11.30, 16.30 «ВНЕ ЗАКОНА»
12.00, 17.00 «СОСЕДИ»
12.30 «САМОЕ СМЕШНОЕ ВИДЕО»
13.00 Т/С «CSI»
14.00 Т/С «CSI»
15.00 Т/С «МОРСКАЯ ПОЛИЦИЯ»
17.30 СУДЕБНЫЕ СТРАСТИ
18.30 «ДЕНЬ»
19.30 «УЛЕТНОЕ ВИДЕО»
20.30 «ДОРОЖНЫЕ ВОЙНЫ»
21.30 «ГОЛЫЕ И СМЕШНЫЕ»
22.30 «УЛЕТНОЕ ВИДЕО»
23.00 Т/С «ПРИСТАВЫ»
00.00 «БРАЧНОЕ ЧТИВО»
00.30 Х/Ф «ВЫСТРЕЛ В ГРОБУ»
MTV
6.00 MUSIC
7.00 СТЕРЕО_УТРО
9.10 HIT CHART
10.00 NEWS БЛОК
11.00 ЖИВЫЕ НОВОСТИ
11.30 ШОПОГОЛИКИ
12.30, 22.50 Т/С «АДСКИЕ КОШКИ»
13.30 ТРЕНДИ
14.00 СЕКС С ТЕКИЛОЙ
15.00 БЕШЕНЫЕ ПРЕДКИ
16.00 СВОБОДЕН
17.00 ЛЮБОВЬ С ПЕРВОГО ВЗГЛЯДА
19.00 ТЫ ИЛИ TELE-CLUB
20.00 СЕКС В БОЛЬШОМ ГОРОДЕ
21.00 NEWS БЛОК
21.10 СЕКС С ТЕКИЛОЙ
23.50 Т/С «КЛИНИКА»
01.30 AMERICAN IDOL
03.00 MUSIC
ЦТУ ТВ3
6.00 МУЛЬТФИЛЬМЫ
6.30 Т/С «ТРЕТЬЯ ПЛАНЕТА ОТ СОЛНЦА»
7.00 ДОКУМ. ФИЛЬМЫ
8.00 Т/С «ЗАТЕРЯННЫЙ МИР»
9.00 ДОКУМ. ФИЛЬМ
10.00 Х/Ф «ПОЧЕМУ Я?»
12.00 Т/С «КОСТИ»
13.00 Т/С «МУЖЧИНА ВО МНЕ»
14.00 ДОКУМ. ФИЛЬМ
15.00 Т/С «ЗАТЕРЯННЫЙ МИР»
16.00 ДОКУМ. ФИЛЬМЫ
18.00 Т/С «БЫТЬ ЭРИКОЙ»
19.00 Х/Ф «ЭВЕРЕСТ»
21.00 Х/Ф «АНАКОНДА»
23.00 Т/С «ОСТАТЬСЯ В ЖИВЫХ»
01.30 МУЛЬТФИЛЬМ
